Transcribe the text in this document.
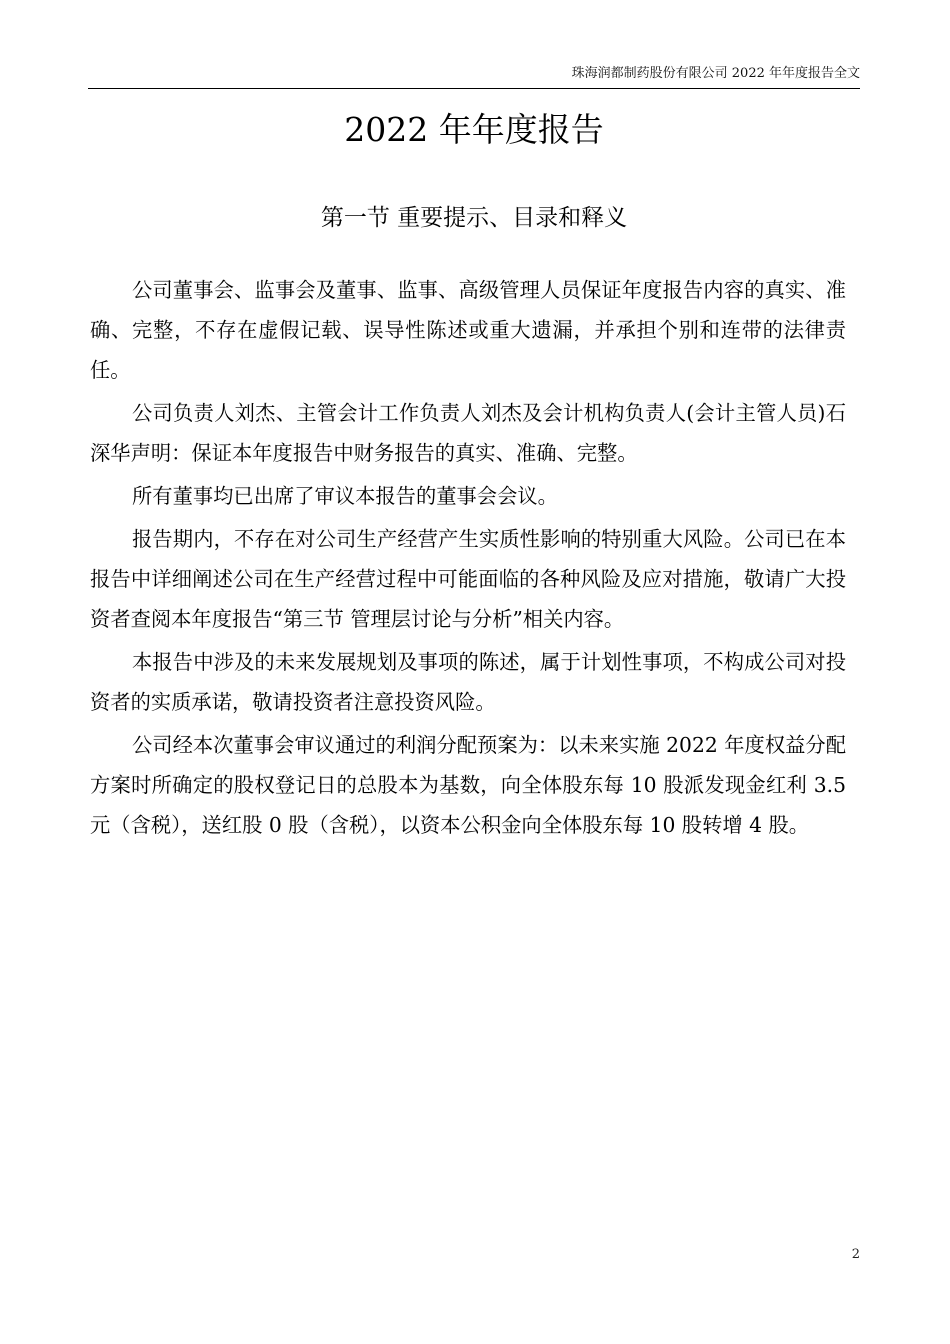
珠海润都制药股份有限公司 2022 年年度报告全文
2022 年年度报告
第一节 重要提示、目录和释义

公司董事会、监事会及董事、监事、高级管理人员保证年度报告内容的真实、准确、完整，不存在虚假记载、误导性陈述或重大遗漏，并承担个别和连带的法律责任。

公司负责人刘杰、主管会计工作负责人刘杰及会计机构负责人(会计主管人员)石深华声明：保证本年度报告中财务报告的真实、准确、完整。

所有董事均已出席了审议本报告的董事会会议。

报告期内，不存在对公司生产经营产生实质性影响的特别重大风险。公司已在本报告中详细阐述公司在生产经营过程中可能面临的各种风险及应对措施，敬请广大投资者查阅本年度报告“第三节 管理层讨论与分析”相关内容。

本报告中涉及的未来发展规划及事项的陈述，属于计划性事项，不构成公司对投资者的实质承诺，敬请投资者注意投资风险。

公司经本次董事会审议通过的利润分配预案为：以未来实施 2022 年度权益分配方案时所确定的股权登记日的总股本为基数，向全体股东每 10 股派发现金红利 3.5 元（含税），送红股 0 股（含税），以资本公积金向全体股东每 10 股转增 4 股。

2
